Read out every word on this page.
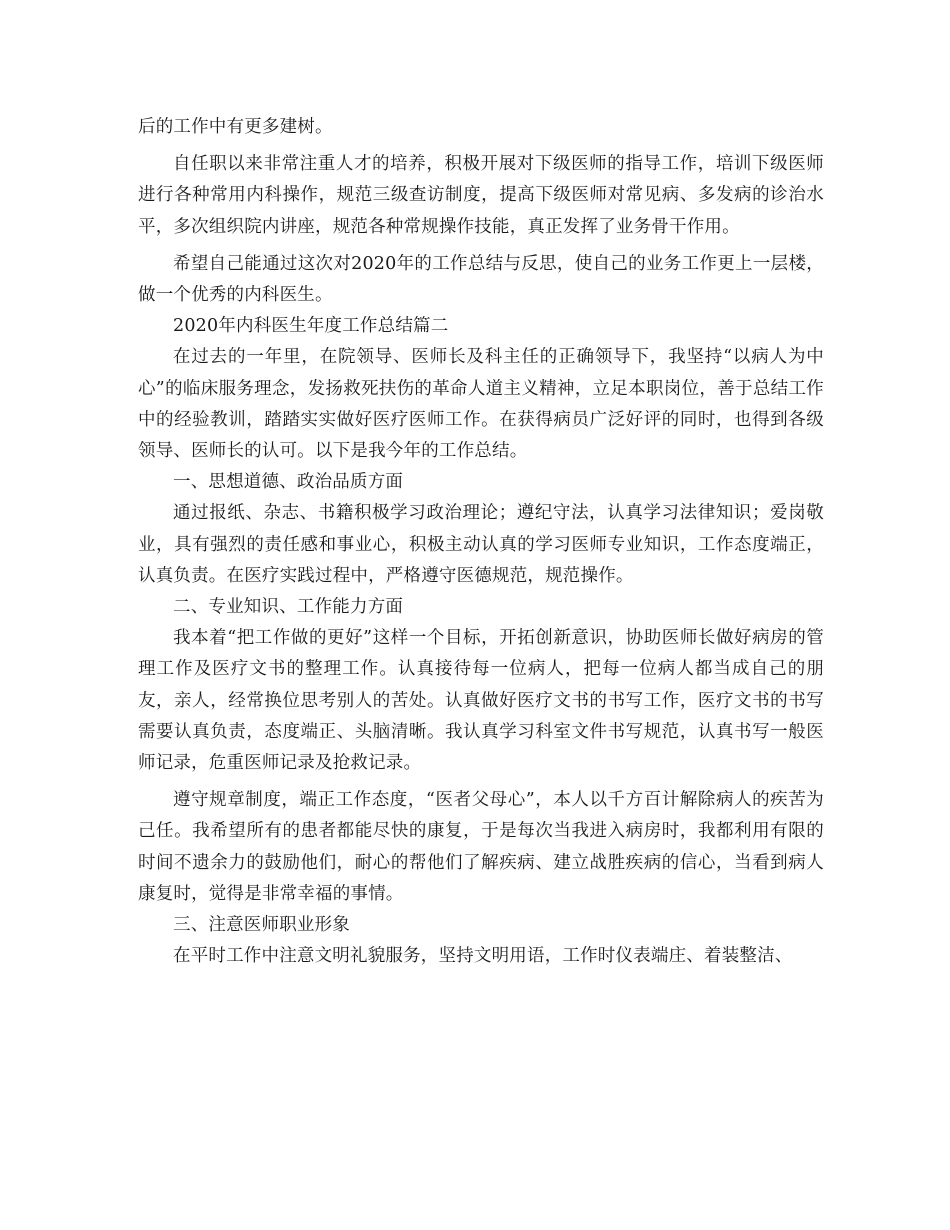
后的工作中有更多建树。

自任职以来非常注重人才的培养，积极开展对下级医师的指导工作，培训下级医师进行各种常用内科操作，规范三级查访制度，提高下级医师对常见病、多发病的诊治水平，多次组织院内讲座，规范各种常规操作技能，真正发挥了业务骨干作用。

希望自己能通过这次对2020年的工作总结与反思，使自己的业务工作更上一层楼，做一个优秀的内科医生。

2020年内科医生年度工作总结篇二

在过去的一年里，在院领导、医师长及科主任的正确领导下，我坚持“以病人为中心”的临床服务理念，发扬救死扶伤的革命人道主义精神，立足本职岗位，善于总结工作中的经验教训，踏踏实实做好医疗医师工作。在获得病员广泛好评的同时，也得到各级领导、医师长的认可。以下是我今年的工作总结。

一、思想道德、政治品质方面

通过报纸、杂志、书籍积极学习政治理论；遵纪守法，认真学习法律知识；爱岗敬业，具有强烈的责任感和事业心，积极主动认真的学习医师专业知识，工作态度端正，认真负责。在医疗实践过程中，严格遵守医德规范，规范操作。

二、专业知识、工作能力方面

我本着“把工作做的更好”这样一个目标，开拓创新意识，协助医师长做好病房的管理工作及医疗文书的整理工作。认真接待每一位病人，把每一位病人都当成自己的朋友，亲人，经常换位思考别人的苦处。认真做好医疗文书的书写工作，医疗文书的书写需要认真负责，态度端正、头脑清晰。我认真学习科室文件书写规范，认真书写一般医师记录，危重医师记录及抢救记录。

遵守规章制度，端正工作态度，“医者父母心”，本人以千方百计解除病人的疾苦为己任。我希望所有的患者都能尽快的康复，于是每次当我进入病房时，我都利用有限的时间不遗余力的鼓励他们，耐心的帮他们了解疾病、建立战胜疾病的信心，当看到病人康复时，觉得是非常幸福的事情。

三、注意医师职业形象

在平时工作中注意文明礼貌服务，坚持文明用语，工作时仪表端庄、着装整洁、
